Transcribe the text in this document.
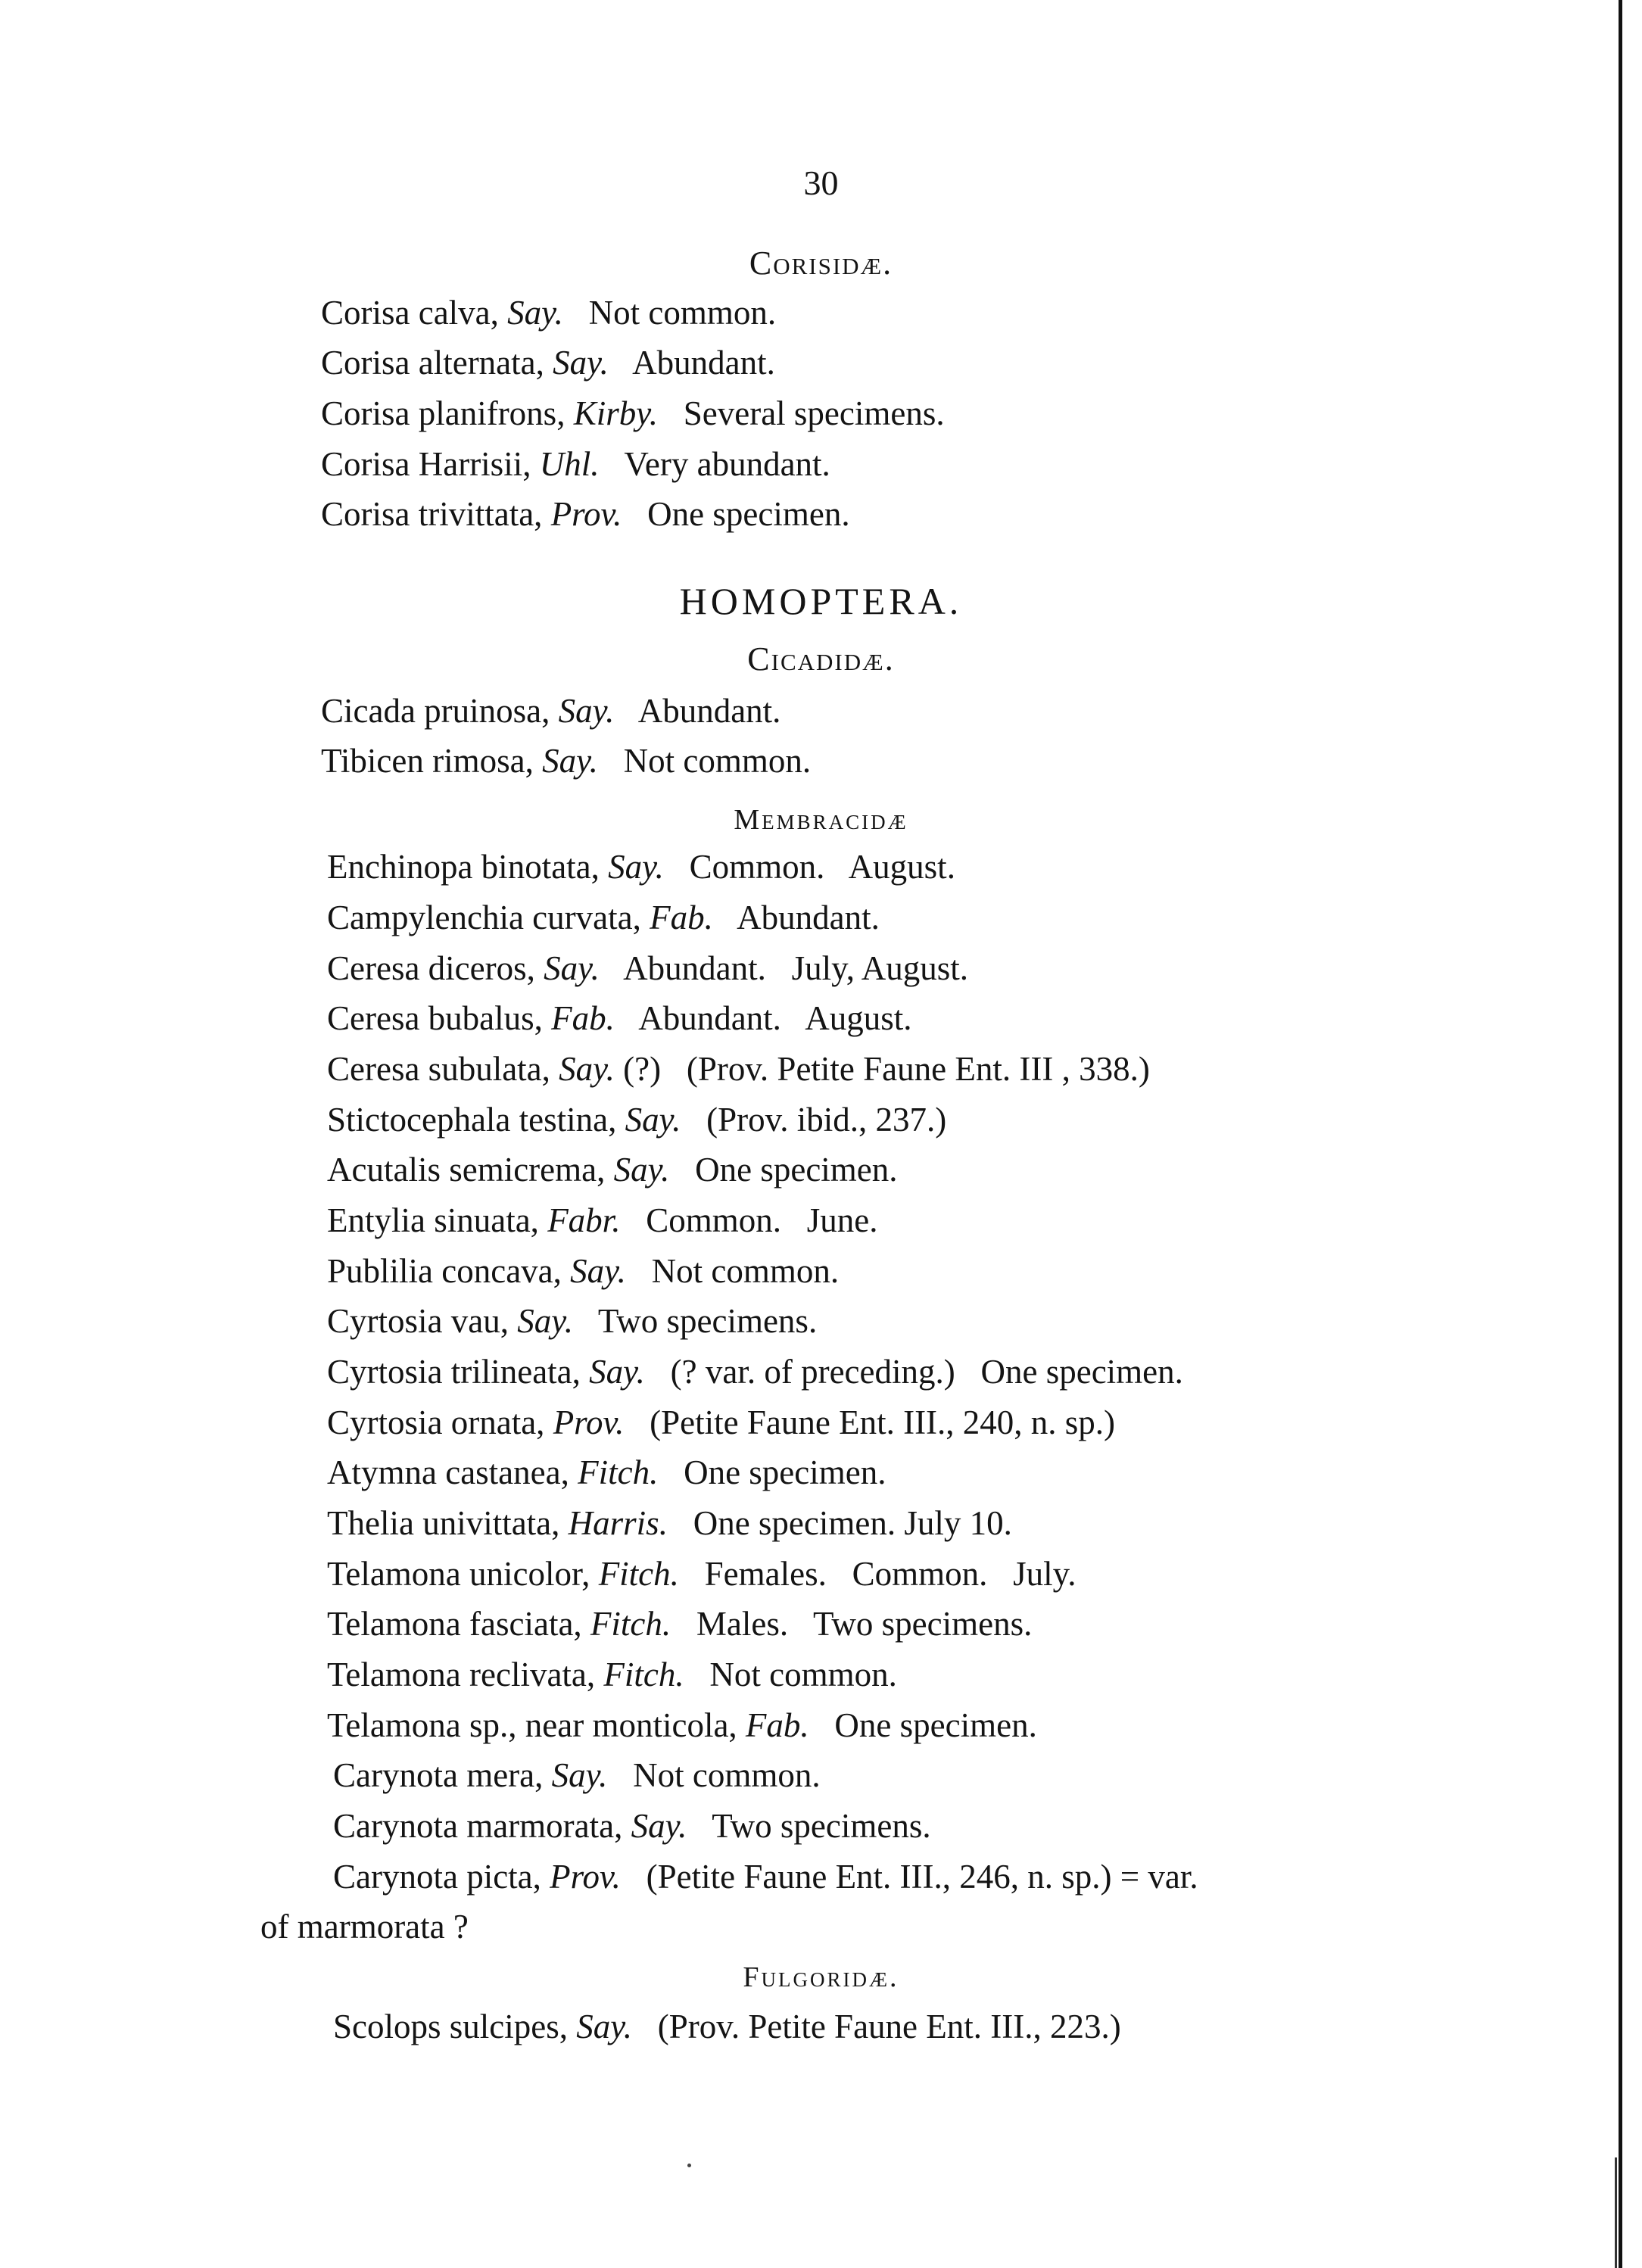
30
Corisidæ.
Corisa calva, Say. Not common.
Corisa alternata, Say. Abundant.
Corisa planifrons, Kirby. Several specimens.
Corisa Harrisii, Uhl. Very abundant.
Corisa trivittata, Prov. One specimen.
HOMOPTERA.
Cicadidæ.
Cicada pruinosa, Say. Abundant.
Tibicen rimosa, Say. Not common.
Membracidæ
Enchinopa binotata, Say. Common.   August.
Campylenchia curvata, Fab. Abundant.
Ceresa diceros, Say. Abundant.   July, August.
Ceresa bubalus, Fab. Abundant.   August.
Ceresa subulata, Say. (?)   (Prov. Petite Faune Ent. III , 338.)
Stictocephala testina, Say. (Prov. ibid., 237.)
Acutalis semicrema, Say. One specimen.
Entylia sinuata, Fabr. Common.   June.
Publilia concava, Say. Not common.
Cyrtosia vau, Say. Two specimens.
Cyrtosia trilineata, Say. (? var. of preceding.)   One specimen.
Cyrtosia ornata, Prov. (Petite Faune Ent. III., 240, n. sp.)
Atymna castanea, Fitch. One specimen.
Thelia univittata, Harris. One specimen. July 10.
Telamona unicolor, Fitch. Females.   Common.   July.
Telamona fasciata, Fitch. Males.   Two specimens.
Telamona reclivata, Fitch. Not common.
Telamona sp., near monticola, Fab. One specimen.
Carynota mera, Say. Not common.
Carynota marmorata, Say. Two specimens.
Carynota picta, Prov. (Petite Faune Ent. III., 246, n. sp.) = var.
of marmorata ?
Fulgoridæ.
Scolops sulcipes, Say. (Prov. Petite Faune Ent. III., 223.)
